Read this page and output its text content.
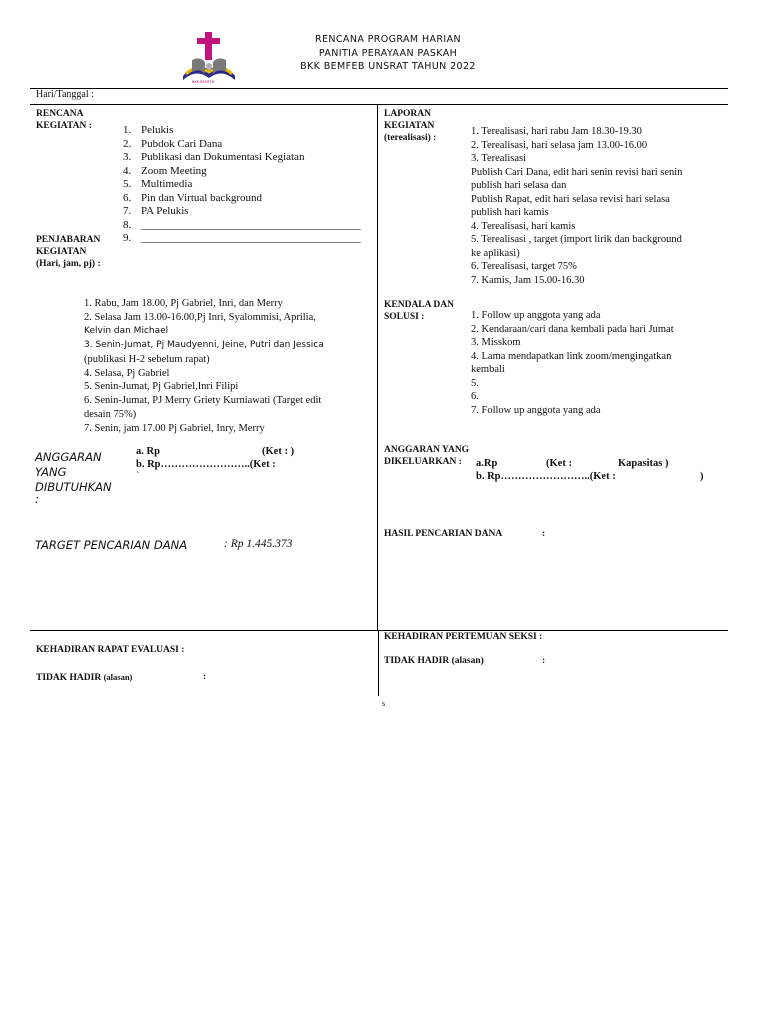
BKK BEMFEB
RENCANA PROGRAM HARIAN
PANITIA PERAYAAN PASKAH
BKK BEMFEB UNSRAT TAHUN 2022
Hari/Tanggal :
RENCANA
KEGIATAN :	1. Pelukis
2. Pubdok Cari Dana
3. Publikasi dan Dokumentasi Kegiatan
4. Zoom Meeting
5. Multimedia
6. Pin dan Virtual background
7. PA Pelukis
8. ___________________________________________
9. ___________________________________________
PENJABARAN
KEGIATAN
(Hari, jam, pj) :
1. Rabu, Jam 18.00, Pj Gabriel, Inri, dan Merry
2. Selasa Jam 13.00-16.00,Pj Inri, Syalommisi, Aprilia,
Kelvin dan Michael
3. Senin-Jumat, Pj Maudyenni, Jeine, Putri dan Jessica
(publikasi H-2 sebelum rapat)
4. Selasa, Pj Gabriel
5. Senin-Jumat, Pj Gabriel,Inri Filipi
6. Senin-Jumat, PJ Merry Griety Kurniawati (Target edit
desain 75%)
7. Senin, jam 17.00 Pj Gabriel, Inry, Merry
ANGGARAN
YANG
DIBUTUHKAN
:
a. Rp	(Ket : )
b. Rp……………………..(Ket :
`
TARGET PENCARIAN DANA	: Rp 1.445.373
LAPORAN
KEGIATAN
(terealisasi) :
1. Terealisasi, hari rabu Jam 18.30-19.30
2. Terealisasi, hari selasa jam 13.00-16.00
3. Terealisasi
Publish Cari Dana, edit hari senin revisi hari senin
publish hari selasa dan
Publish Rapat, edit hari selasa revisi hari selasa
publish hari kamis
4. Terealisasi, hari kamis
5. Terealisasi , target (import lirik dan background
ke aplikasi)
6. Terealisasi, target 75%
7. Kamis, Jam 15.00-16.30
KENDALA DAN
SOLUSI :	1. Follow up anggota yang ada
2. Kendaraan/cari dana kembali pada hari Jumat
3. Misskom
4. Lama mendapatkan link zoom/mengingatkan
kembali
5.
6.
7. Follow up anggota yang ada
ANGGARAN YANG
DIKELUARKAN :	a.Rp	(Ket :	Kapasitas )
b. Rp……………………..(Ket :	)
HASIL PENCARIAN DANA	:
KEHADIRAN RAPAT EVALUASI :
TIDAK HADIR (alasan)	:
KEHADIRAN PERTEMUAN SEKSI :
TIDAK HADIR (alasan)	:
s
